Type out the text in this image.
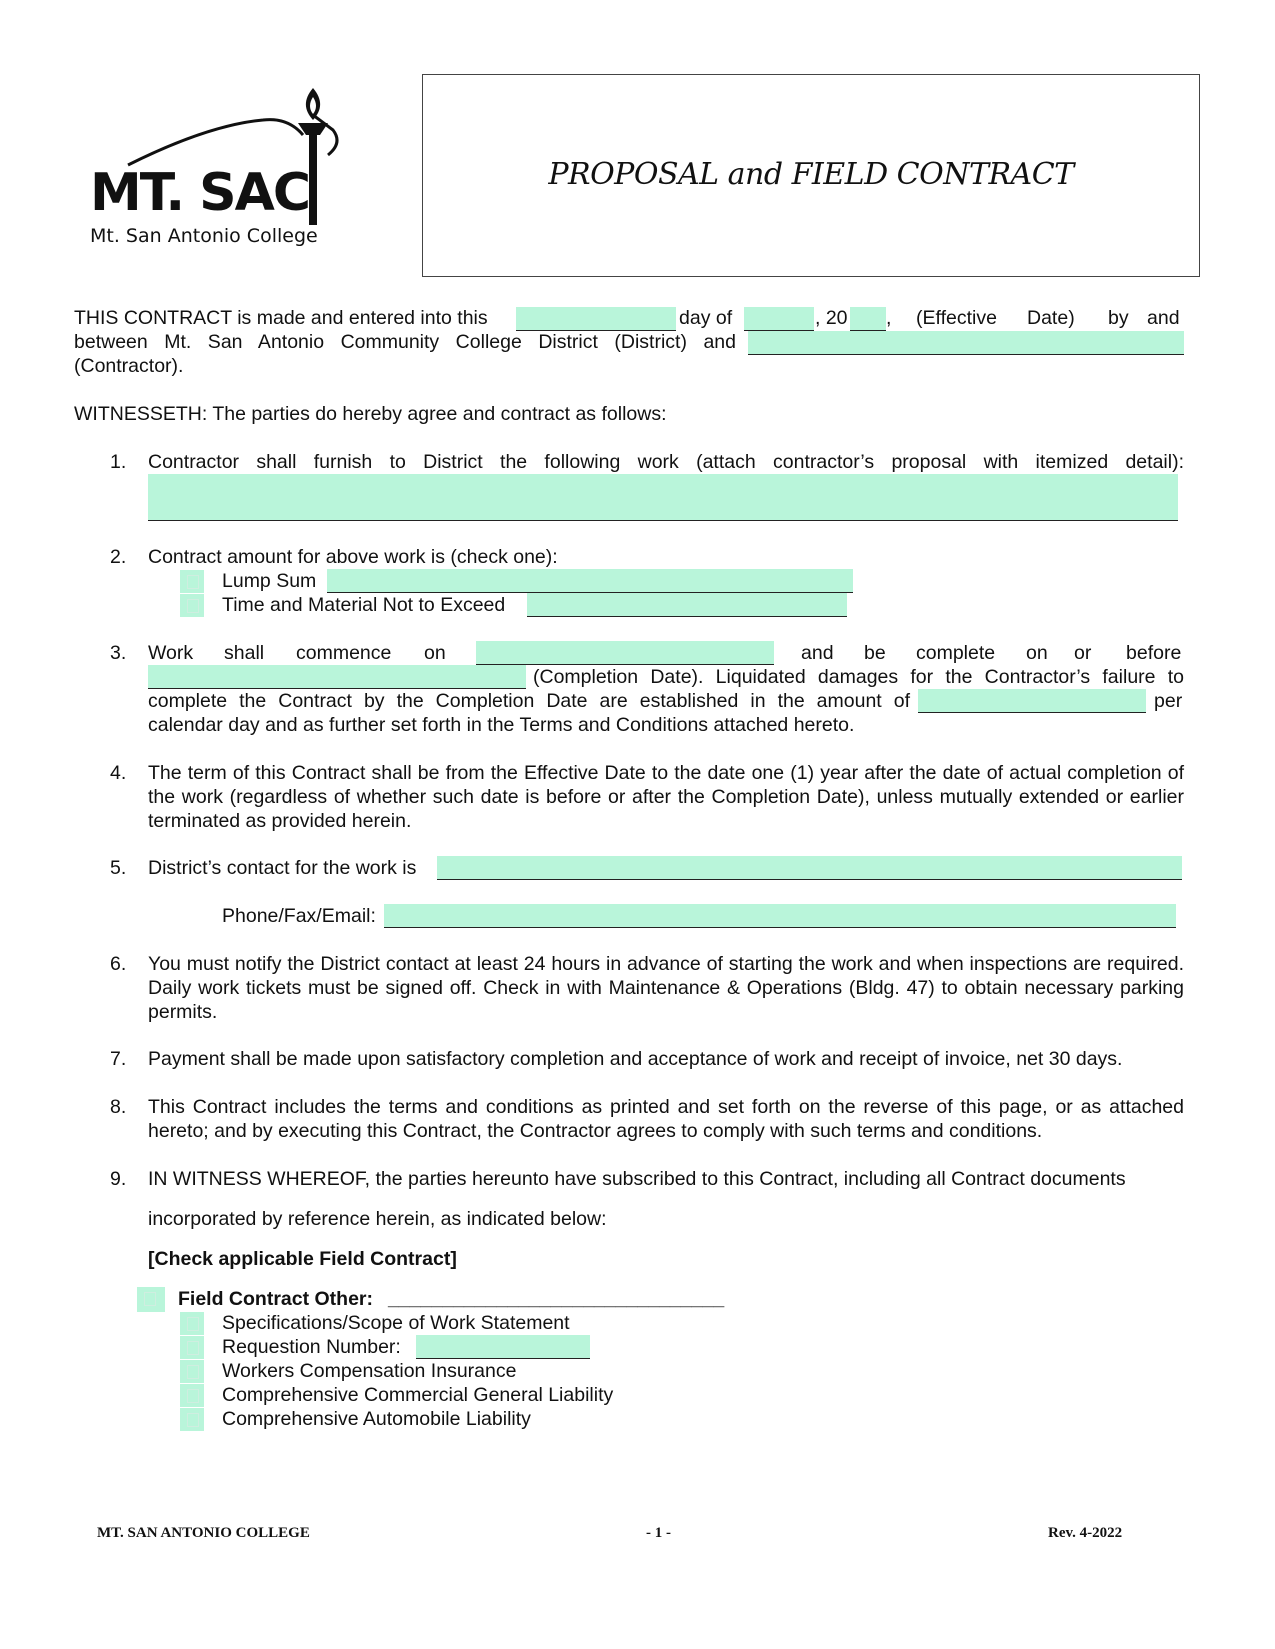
MT. SAC
Mt. San Antonio College
PROPOSAL and FIELD CONTRACT
THIS CONTRACT is made and entered into this	day of	, 20 , (Effective Date) by and
between Mt. San Antonio Community College District (District) and
(Contractor).
WITNESSETH: The parties do hereby agree and contract as follows:
1. Contractor shall furnish to District the following work (attach contractor’s proposal with itemized detail):
2. Contract amount for above work is (check one):
Lump Sum
Time and Material Not to Exceed
3. Work shall commence on	and be complete on or before
(Completion Date). Liquidated damages for the Contractor’s failure to
complete the Contract by the Completion Date are established in the amount of	per
calendar day and as further set forth in the Terms and Conditions attached hereto.
4. The term of this Contract shall be from the Effective Date to the date one (1) year after the date of actual completion of the work (regardless of whether such date is before or after the Completion Date), unless mutually extended or earlier terminated as provided herein.
5. District’s contact for the work is
Phone/Fax/Email:
6. You must notify the District contact at least 24 hours in advance of starting the work and when inspections are required. Daily work tickets must be signed off. Check in with Maintenance & Operations (Bldg. 47) to obtain necessary parking permits.
7. Payment shall be made upon satisfactory completion and acceptance of work and receipt of invoice, net 30 days.
8. This Contract includes the terms and conditions as printed and set forth on the reverse of this page, or as attached hereto; and by executing this Contract, the Contractor agrees to comply with such terms and conditions.
9. IN WITNESS WHEREOF, the parties hereunto have subscribed to this Contract, including all Contract documents
incorporated by reference herein, as indicated below:
[Check applicable Field Contract]
Field Contract Other: _______________________________
Specifications/Scope of Work Statement
Requestion Number:
Workers Compensation Insurance
Comprehensive Commercial General Liability
Comprehensive Automobile Liability
MT. SAN ANTONIO COLLEGE	- 1 -	Rev. 4-2022
